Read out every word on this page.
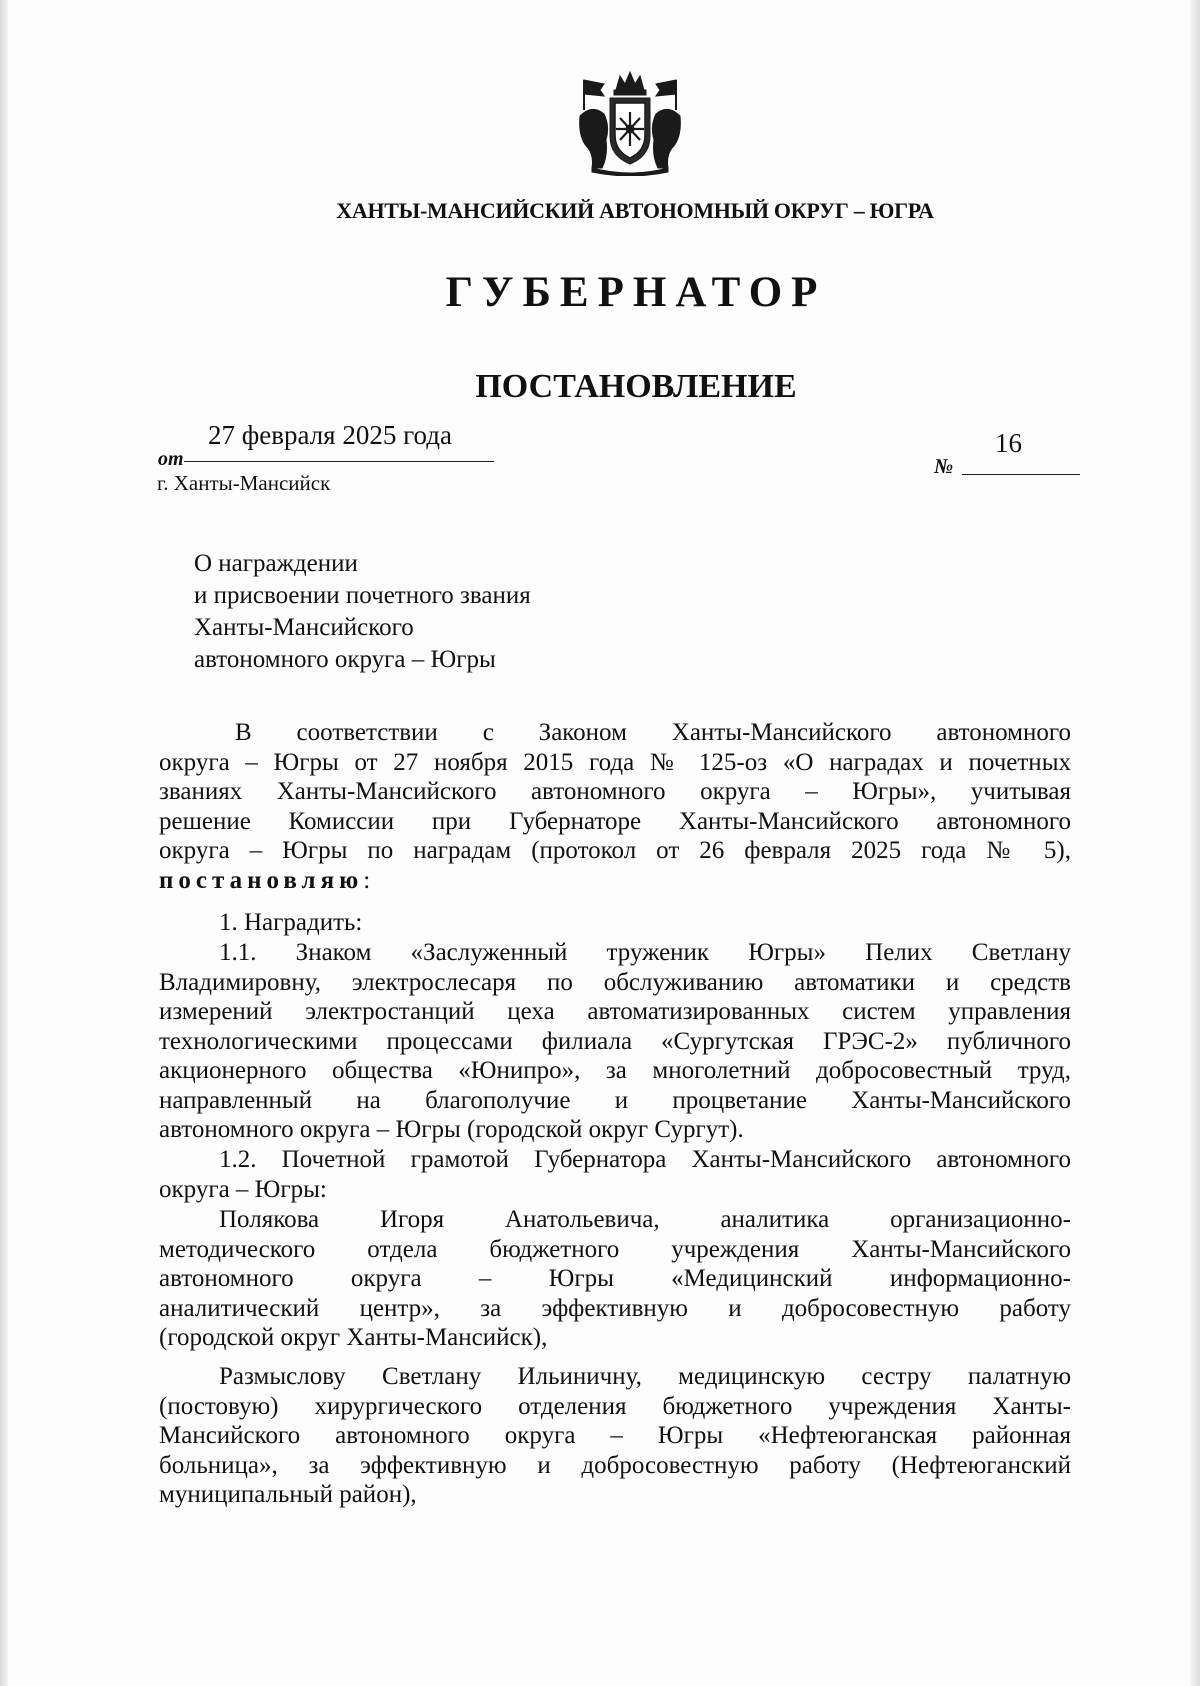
ХАНТЫ-МАНСИЙСКИЙ АВТОНОМНЫЙ ОКРУГ – ЮГРА
ГУБЕРНАТОР
ПОСТАНОВЛЕНИЕ
от
27 февраля 2025 года
№
16
г. Ханты-Мансийск
О награждении
и присвоении почетного звания
Ханты-Мансийского
автономного округа – Югры
В соответствии с Законом Ханты-Мансийского автономного
округа – Югры от 27 ноября 2015 года № 125-оз «О наградах и почетных
званиях Ханты-Мансийского автономного округа – Югры», учитывая
решение Комиссии при Губернаторе Ханты-Мансийского автономного
округа – Югры по наградам (протокол от 26 февраля 2025 года № 5),
постановляю:
1. Наградить:
1.1. Знаком «Заслуженный труженик Югры» Пелих Светлану
Владимировну, электрослесаря по обслуживанию автоматики и средств
измерений электростанций цеха автоматизированных систем управления
технологическими процессами филиала «Сургутская ГРЭС-2» публичного
акционерного общества «Юнипро», за многолетний добросовестный труд,
направленный на благополучие и процветание Ханты-Мансийского
автономного округа – Югры (городской округ Сургут).
1.2. Почетной грамотой Губернатора Ханты-Мансийского автономного
округа – Югры:
Полякова Игоря Анатольевича, аналитика организационно-
методического отдела бюджетного учреждения Ханты-Мансийского
автономного округа – Югры «Медицинский информационно-
аналитический центр», за эффективную и добросовестную работу
(городской округ Ханты-Мансийск),
Размыслову Светлану Ильиничну, медицинскую сестру палатную
(постовую) хирургического отделения бюджетного учреждения Ханты-
Мансийского автономного округа – Югры «Нефтеюганская районная
больница», за эффективную и добросовестную работу (Нефтеюганский
муниципальный район),
